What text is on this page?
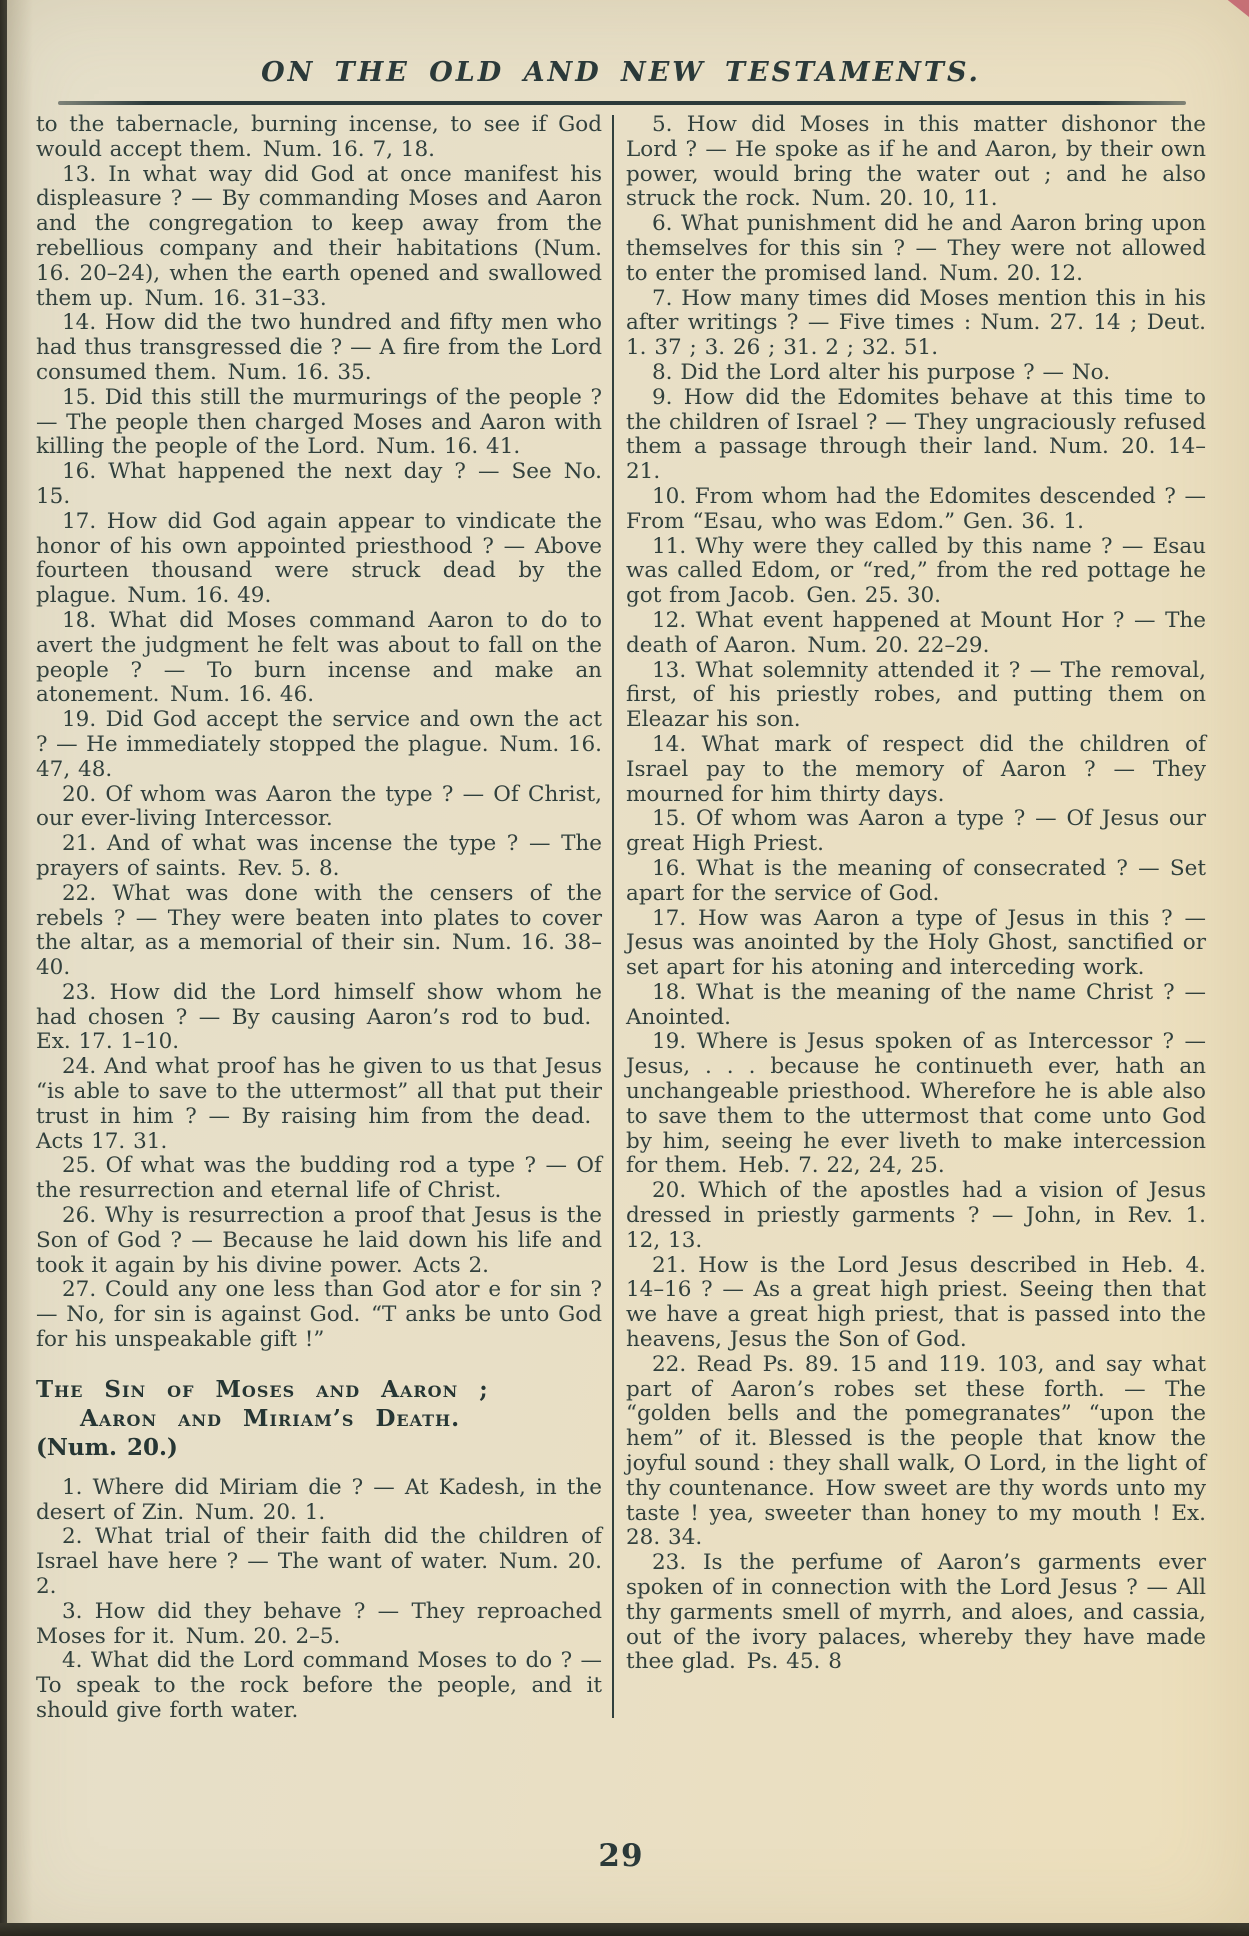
ON THE OLD AND NEW TESTAMENTS.

to the tabernacle, burning incense, to see if God would accept them. Num. 16. 7, 18.

13. In what way did God at once manifest his displeasure ? — By commanding Moses and Aaron and the congregation to keep away from the rebellious company and their habitations (Num. 16. 20–24), when the earth opened and swallowed them up. Num. 16. 31–33.

14. How did the two hundred and fifty men who had thus transgressed die ? — A fire from the Lord consumed them. Num. 16. 35.

15. Did this still the murmurings of the people ? — The people then charged Moses and Aaron with killing the people of the Lord. Num. 16. 41.

16. What happened the next day ? — See No. 15.

17. How did God again appear to vindicate the honor of his own appointed priesthood ? — Above fourteen thousand were struck dead by the plague. Num. 16. 49.

18. What did Moses command Aaron to do to avert the judgment he felt was about to fall on the people ? — To burn incense and make an atonement. Num. 16. 46.

19. Did God accept the service and own the act ? — He immediately stopped the plague. Num. 16. 47, 48.

20. Of whom was Aaron the type ? — Of Christ, our ever-living Intercessor.

21. And of what was incense the type ? — The prayers of saints. Rev. 5. 8.

22. What was done with the censers of the rebels ? — They were beaten into plates to cover the altar, as a memorial of their sin. Num. 16. 38–40.

23. How did the Lord himself show whom he had chosen ? — By causing Aaron’s rod to bud. Ex. 17. 1–10.

24. And what proof has he given to us that Jesus “is able to save to the uttermost” all that put their trust in him ? — By raising him from the dead. Acts 17. 31.

25. Of what was the budding rod a type ? — Of the resurrection and eternal life of Christ.

26. Why is resurrection a proof that Jesus is the Son of God ? — Because he laid down his life and took it again by his divine power. Acts 2.

27. Could any one less than God ator e for sin ? — No, for sin is against God. “T anks be unto God for his unspeakable gift !”

The Sin of Moses and Aaron ;
Aaron and Miriam’s Death.
(Num. 20.)

1. Where did Miriam die ? — At Kadesh, in the desert of Zin. Num. 20. 1.

2. What trial of their faith did the children of Israel have here ? — The want of water. Num. 20. 2.

3. How did they behave ? — They reproached Moses for it. Num. 20. 2–5.

4. What did the Lord command Moses to do ? — To speak to the rock before the people, and it should give forth water.

5. How did Moses in this matter dishonor the Lord ? — He spoke as if he and Aaron, by their own power, would bring the water out ; and he also struck the rock. Num. 20. 10, 11.

6. What punishment did he and Aaron bring upon themselves for this sin ? — They were not allowed to enter the promised land. Num. 20. 12.

7. How many times did Moses mention this in his after writings ? — Five times : Num. 27. 14 ; Deut. 1. 37 ; 3. 26 ; 31. 2 ; 32. 51.

8. Did the Lord alter his purpose ? — No.

9. How did the Edomites behave at this time to the children of Israel ? — They ungraciously refused them a passage through their land. Num. 20. 14–21.

10. From whom had the Edomites descended ? — From “Esau, who was Edom.” Gen. 36. 1.

11. Why were they called by this name ? — Esau was called Edom, or “red,” from the red pottage he got from Jacob. Gen. 25. 30.

12. What event happened at Mount Hor ? — The death of Aaron. Num. 20. 22–29.

13. What solemnity attended it ? — The removal, first, of his priestly robes, and putting them on Eleazar his son.

14. What mark of respect did the children of Israel pay to the memory of Aaron ? — They mourned for him thirty days.

15. Of whom was Aaron a type ? — Of Jesus our great High Priest.

16. What is the meaning of consecrated ? — Set apart for the service of God.

17. How was Aaron a type of Jesus in this ? — Jesus was anointed by the Holy Ghost, sanctified or set apart for his atoning and interceding work.

18. What is the meaning of the name Christ ? — Anointed.

19. Where is Jesus spoken of as Intercessor ? — Jesus, . . . because he continueth ever, hath an unchangeable priesthood. Wherefore he is able also to save them to the uttermost that come unto God by him, seeing he ever liveth to make intercession for them. Heb. 7. 22, 24, 25.

20. Which of the apostles had a vision of Jesus dressed in priestly garments ? — John, in Rev. 1. 12, 13.

21. How is the Lord Jesus described in Heb. 4. 14–16 ? — As a great high priest. Seeing then that we have a great high priest, that is passed into the heavens, Jesus the Son of God.

22. Read Ps. 89. 15 and 119. 103, and say what part of Aaron’s robes set these forth. — The “golden bells and the pomegranates” “upon the hem” of it. Blessed is the people that know the joyful sound : they shall walk, O Lord, in the light of thy countenance. How sweet are thy words unto my taste ! yea, sweeter than honey to my mouth ! Ex. 28. 34.

23. Is the perfume of Aaron’s garments ever spoken of in connection with the Lord Jesus ? — All thy garments smell of myrrh, and aloes, and cassia, out of the ivory palaces, whereby they have made thee glad. Ps. 45. 8

29
